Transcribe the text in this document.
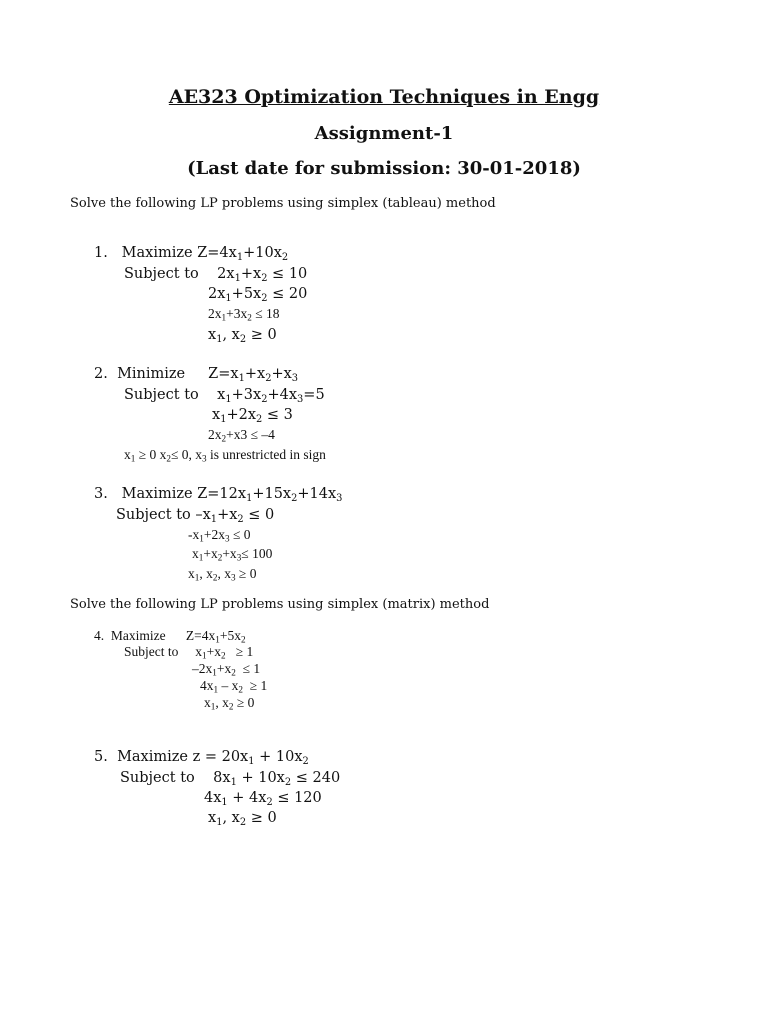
AE323 Optimization Techniques in Engg
Assignment-1
(Last date for submission: 30-01-2018)
Solve the following LP problems using simplex (tableau) method
1. Maximize $Z=4x_1+10x_2$
Subject to    $2x_1+x_2 \le 10$
$2x_1+5x_2 \le 20$
$2x_1+3x_2 \le 18$
$x_1$, $x_2 \ge 0$
2. Minimize     $Z=x_1+x_2+x_3$
Subject to    $x_1+3x_2+4x_3=5$
$x_1+2x_2 \le 3$
$2x_2+x3 \le -4$
$x_1 \ge 0$ $x_2\le 0$, $x_3$ is unrestricted in sign
3. Maximize $Z=12x_1+15x_2+14x_3$
Subject to $-x_1+x_2 \le 0$
$-x_1+2x_3 \le 0$
$x_1+x_2+x_3\le 100$
$x_1$, $x_2$, $x_3 \ge 0$
Solve the following LP problems using simplex (matrix) method
4. Maximize      $Z=4x_1+5x_2$
Subject to     $x_1+x_2 \ge 1$
$-2x_1+x_2 \le 1$
$4x_1 - x_2 \ge 1$
$x_1$, $x_2 \ge 0$
5. Maximize $z = 20x_1 + 10x_2$
Subject to    $8x_1 + 10x_2 \le 240$
$4x_1 + 4x_2 \le 120$
$x_1$, $x_2 \ge 0$
